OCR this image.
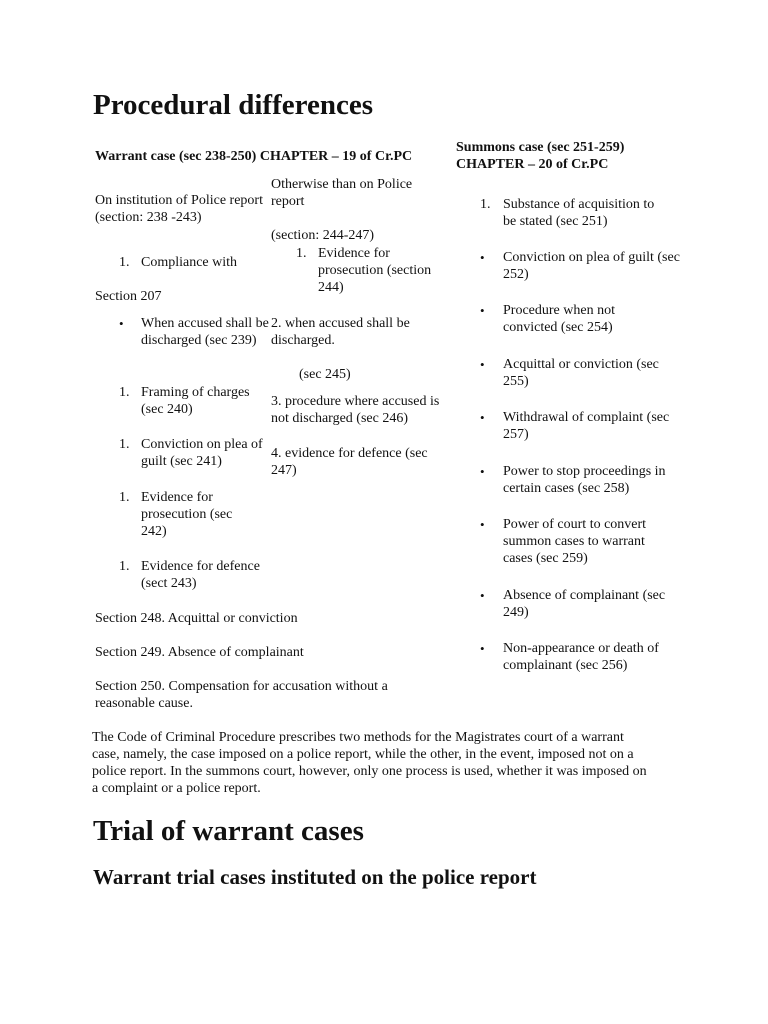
Procedural differences
Warrant case (sec 238-250) CHAPTER – 19 of Cr.PC
On institution of Police report (section: 238 -243)
1. Compliance with
Section 207
• When accused shall be discharged (sec 239)
1. Framing of charges (sec 240)
1. Conviction on plea of guilt (sec 241)
1. Evidence for prosecution (sec 242)
1. Evidence for defence (sect 243)
Section 248. Acquittal or conviction
Section 249. Absence of complainant
Section 250. Compensation for accusation without a reasonable cause.
Otherwise than on Police report
(section: 244-247)
1. Evidence for prosecution (section 244)
2. when accused shall be discharged.
(sec 245)
3. procedure where accused is not discharged (sec 246)
4. evidence for defence (sec 247)
Summons case (sec 251-259) CHAPTER – 20 of Cr.PC
1. Substance of acquisition to be stated (sec 251)
• Conviction on plea of guilt (sec 252)
• Procedure when not convicted (sec 254)
• Acquittal or conviction (sec 255)
• Withdrawal of complaint (sec 257)
• Power to stop proceedings in certain cases (sec 258)
• Power of court to convert summon cases to warrant cases (sec 259)
• Absence of complainant (sec 249)
• Non-appearance or death of complainant (sec 256)
The Code of Criminal Procedure prescribes two methods for the Magistrates court of a warrant case, namely, the case imposed on a police report, while the other, in the event, imposed not on a police report. In the summons court, however, only one process is used, whether it was imposed on a complaint or a police report.
Trial of warrant cases
Warrant trial cases instituted on the police report
